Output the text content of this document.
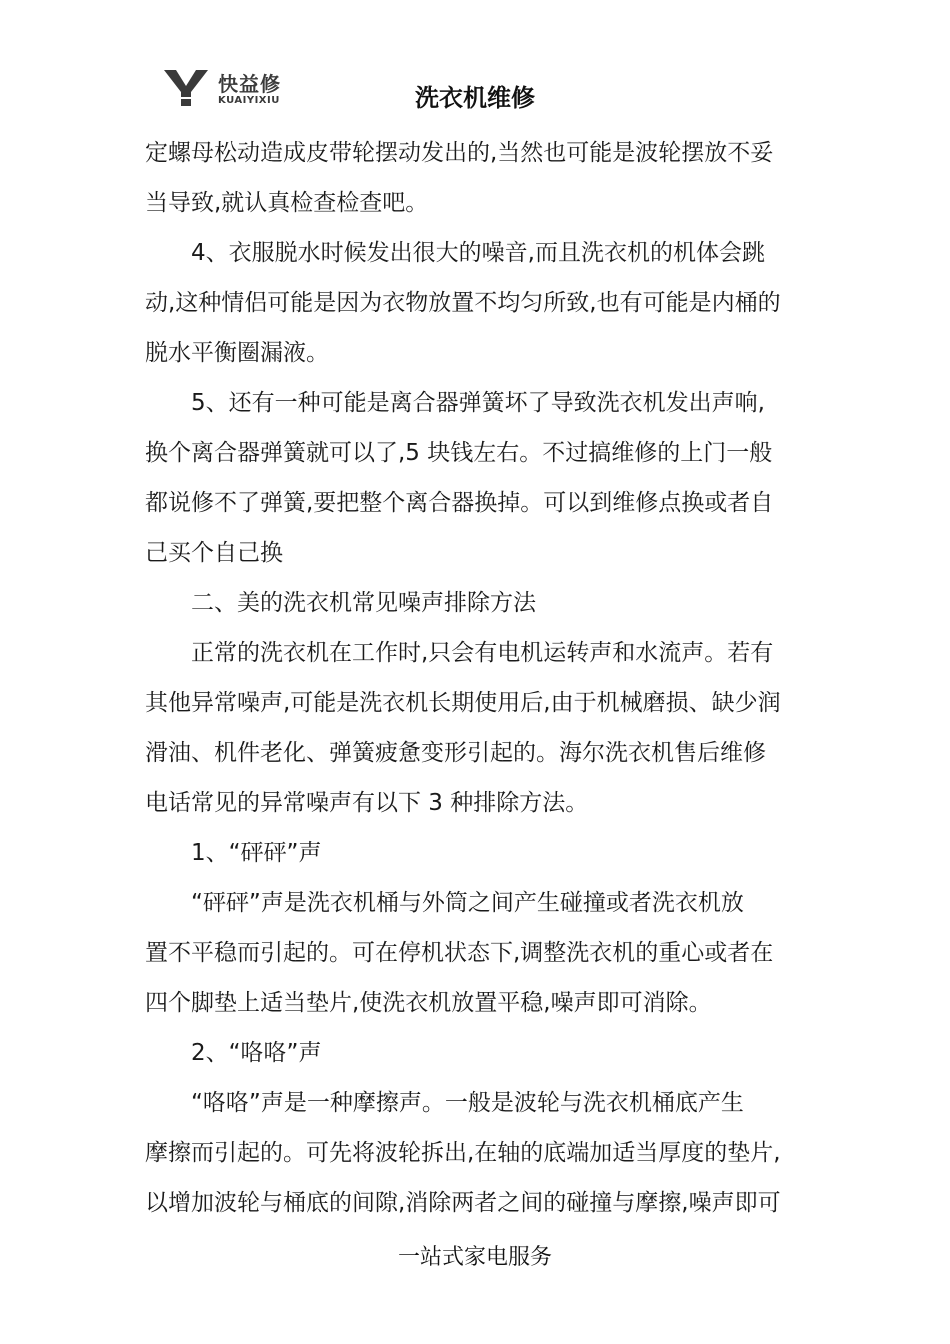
快益修
KUAIYIXIU	洗衣机维修
定螺母松动造成皮带轮摆动发出的,当然也可能是波轮摆放不妥
当导致,就认真检查检查吧。
　　4、衣服脱水时候发出很大的噪音,而且洗衣机的机体会跳
动,这种情侣可能是因为衣物放置不均匀所致,也有可能是内桶的
脱水平衡圈漏液。
　　5、还有一种可能是离合器弹簧坏了导致洗衣机发出声响,
换个离合器弹簧就可以了,5 块钱左右。不过搞维修的上门一般
都说修不了弹簧,要把整个离合器换掉。可以到维修点换或者自
己买个自己换
　　二、美的洗衣机常见噪声排除方法
　　正常的洗衣机在工作时,只会有电机运转声和水流声。若有
其他异常噪声,可能是洗衣机长期使用后,由于机械磨损、缺少润
滑油、机件老化、弹簧疲惫变形引起的。海尔洗衣机售后维修
电话常见的异常噪声有以下 3 种排除方法。
　　1、“砰砰”声
　　“砰砰”声是洗衣机桶与外筒之间产生碰撞或者洗衣机放
置不平稳而引起的。可在停机状态下,调整洗衣机的重心或者在
四个脚垫上适当垫片,使洗衣机放置平稳,噪声即可消除。
　　2、“咯咯”声
　　“咯咯”声是一种摩擦声。一般是波轮与洗衣机桶底产生
摩擦而引起的。可先将波轮拆出,在轴的底端加适当厚度的垫片,
以增加波轮与桶底的间隙,消除两者之间的碰撞与摩擦,噪声即可
一站式家电服务
